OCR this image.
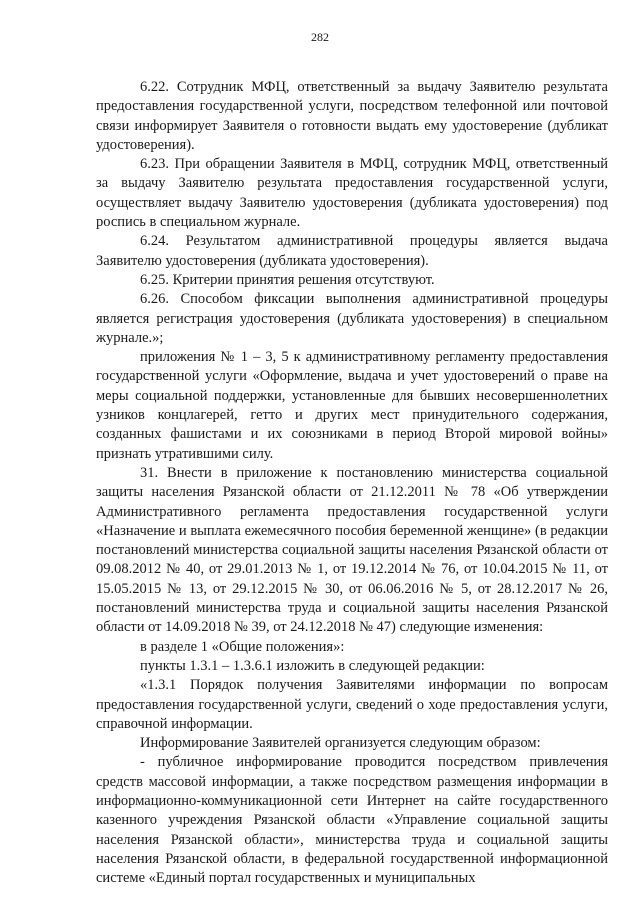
282

6.22. Сотрудник МФЦ, ответственный за выдачу Заявителю результата предоставления государственной услуги, посредством телефонной или почтовой связи информирует Заявителя о готовности выдать ему удостоверение (дубликат удостоверения).

6.23. При обращении Заявителя в МФЦ, сотрудник МФЦ, ответственный за выдачу Заявителю результата предоставления государственной услуги, осуществляет выдачу Заявителю удостоверения (дубликата удостоверения) под роспись в специальном журнале.

6.24. Результатом административной процедуры является выдача Заявителю удостоверения (дубликата удостоверения).

6.25. Критерии принятия решения отсутствуют.

6.26. Способом фиксации выполнения административной процедуры является регистрация удостоверения (дубликата удостоверения) в специальном журнале.»;

приложения № 1 – 3, 5 к административному регламенту предоставления государственной услуги «Оформление, выдача и учет удостоверений о праве на меры социальной поддержки, установленные для бывших несовершеннолетних узников концлагерей, гетто и других мест принудительного содержания, созданных фашистами и их союзниками в период Второй мировой войны» признать утратившими силу.

31. Внести в приложение к постановлению министерства социальной защиты населения Рязанской области от 21.12.2011 № 78 «Об утверждении Административного регламента предоставления государственной услуги «Назначение и выплата ежемесячного пособия беременной женщине» (в редакции постановлений министерства социальной защиты населения Рязанской области от 09.08.2012 № 40, от 29.01.2013 № 1, от 19.12.2014 № 76, от 10.04.2015 № 11, от 15.05.2015 № 13, от 29.12.2015 № 30, от 06.06.2016 № 5, от 28.12.2017 № 26, постановлений министерства труда и социальной защиты населения Рязанской области от 14.09.2018 № 39, от 24.12.2018 № 47) следующие изменения:

в разделе 1 «Общие положения»:

пункты 1.3.1 – 1.3.6.1 изложить в следующей редакции:

«1.3.1 Порядок получения Заявителями информации по вопросам предоставления государственной услуги, сведений о ходе предоставления услуги, справочной информации.

Информирование Заявителей организуется следующим образом:

- публичное информирование проводится посредством привлечения средств массовой информации, а также посредством размещения информации в информационно-коммуникационной сети Интернет на сайте государственного казенного учреждения Рязанской области «Управление социальной защиты населения Рязанской области», министерства труда и социальной защиты населения Рязанской области, в федеральной государственной информационной системе «Единый портал государственных и муниципальных
